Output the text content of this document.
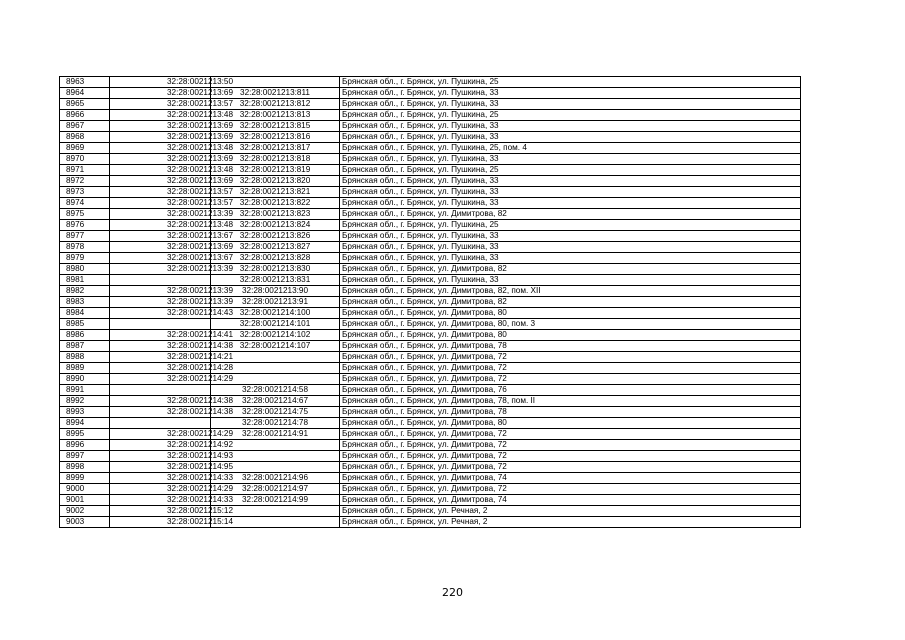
8963	32:28:0021213:50		Брянская обл., г. Брянск, ул. Пушкина, 25
8964	32:28:0021213:69	32:28:0021213:811	Брянская обл., г. Брянск, ул. Пушкина, 33
8965	32:28:0021213:57	32:28:0021213:812	Брянская обл., г. Брянск, ул. Пушкина, 33
8966	32:28:0021213:48	32:28:0021213:813	Брянская обл., г. Брянск, ул. Пушкина, 25
8967	32:28:0021213:69	32:28:0021213:815	Брянская обл., г. Брянск, ул. Пушкина, 33
8968	32:28:0021213:69	32:28:0021213:816	Брянская обл., г. Брянск, ул. Пушкина, 33
8969	32:28:0021213:48	32:28:0021213:817	Брянская обл., г. Брянск, ул. Пушкина, 25, пом. 4
8970	32:28:0021213:69	32:28:0021213:818	Брянская обл., г. Брянск, ул. Пушкина, 33
8971	32:28:0021213:48	32:28:0021213:819	Брянская обл., г. Брянск, ул. Пушкина, 25
8972	32:28:0021213:69	32:28:0021213:820	Брянская обл., г. Брянск, ул. Пушкина, 33
8973	32:28:0021213:57	32:28:0021213:821	Брянская обл., г. Брянск, ул. Пушкина, 33
8974	32:28:0021213:57	32:28:0021213:822	Брянская обл., г. Брянск, ул. Пушкина, 33
8975	32:28:0021213:39	32:28:0021213:823	Брянская обл., г. Брянск, ул. Димитрова, 82
8976	32:28:0021213:48	32:28:0021213:824	Брянская обл., г. Брянск, ул. Пушкина, 25
8977	32:28:0021213:67	32:28:0021213:826	Брянская обл., г. Брянск, ул. Пушкина, 33
8978	32:28:0021213:69	32:28:0021213:827	Брянская обл., г. Брянск, ул. Пушкина, 33
8979	32:28:0021213:67	32:28:0021213:828	Брянская обл., г. Брянск, ул. Пушкина, 33
8980	32:28:0021213:39	32:28:0021213:830	Брянская обл., г. Брянск, ул. Димитрова, 82
8981		32:28:0021213:831	Брянская обл., г. Брянск, ул. Пушкина, 33
8982	32:28:0021213:39	32:28:0021213:90	Брянская обл., г. Брянск, ул. Димитрова, 82, пом. XII
8983	32:28:0021213:39	32:28:0021213:91	Брянская обл., г. Брянск, ул. Димитрова, 82
8984	32:28:0021214:43	32:28:0021214:100	Брянская обл., г. Брянск, ул. Димитрова, 80
8985		32:28:0021214:101	Брянская обл., г. Брянск, ул. Димитрова, 80, пом. 3
8986	32:28:0021214:41	32:28:0021214:102	Брянская обл., г. Брянск, ул. Димитрова, 80
8987	32:28:0021214:38	32:28:0021214:107	Брянская обл., г. Брянск, ул. Димитрова, 78
8988	32:28:0021214:21		Брянская обл., г. Брянск, ул. Димитрова, 72
8989	32:28:0021214:28		Брянская обл., г. Брянск, ул. Димитрова, 72
8990	32:28:0021214:29		Брянская обл., г. Брянск, ул. Димитрова, 72
8991		32:28:0021214:58	Брянская обл., г. Брянск, ул. Димитрова, 76
8992	32:28:0021214:38	32:28:0021214:67	Брянская обл., г. Брянск, ул. Димитрова, 78, пом. II
8993	32:28:0021214:38	32:28:0021214:75	Брянская обл., г. Брянск, ул. Димитрова, 78
8994		32:28:0021214:78	Брянская обл., г. Брянск, ул. Димитрова, 80
8995	32:28:0021214:29	32:28:0021214:91	Брянская обл., г. Брянск, ул. Димитрова, 72
8996	32:28:0021214:92		Брянская обл., г. Брянск, ул. Димитрова, 72
8997	32:28:0021214:93		Брянская обл., г. Брянск, ул. Димитрова, 72
8998	32:28:0021214:95		Брянская обл., г. Брянск, ул. Димитрова, 72
8999	32:28:0021214:33	32:28:0021214:96	Брянская обл., г. Брянск, ул. Димитрова, 74
9000	32:28:0021214:29	32:28:0021214:97	Брянская обл., г. Брянск, ул. Димитрова, 72
9001	32:28:0021214:33	32:28:0021214:99	Брянская обл., г. Брянск, ул. Димитрова, 74
9002	32:28:0021215:12		Брянская обл., г. Брянск, ул. Речная, 2
9003	32:28:0021215:14		Брянская обл., г. Брянск, ул. Речная, 2
220
